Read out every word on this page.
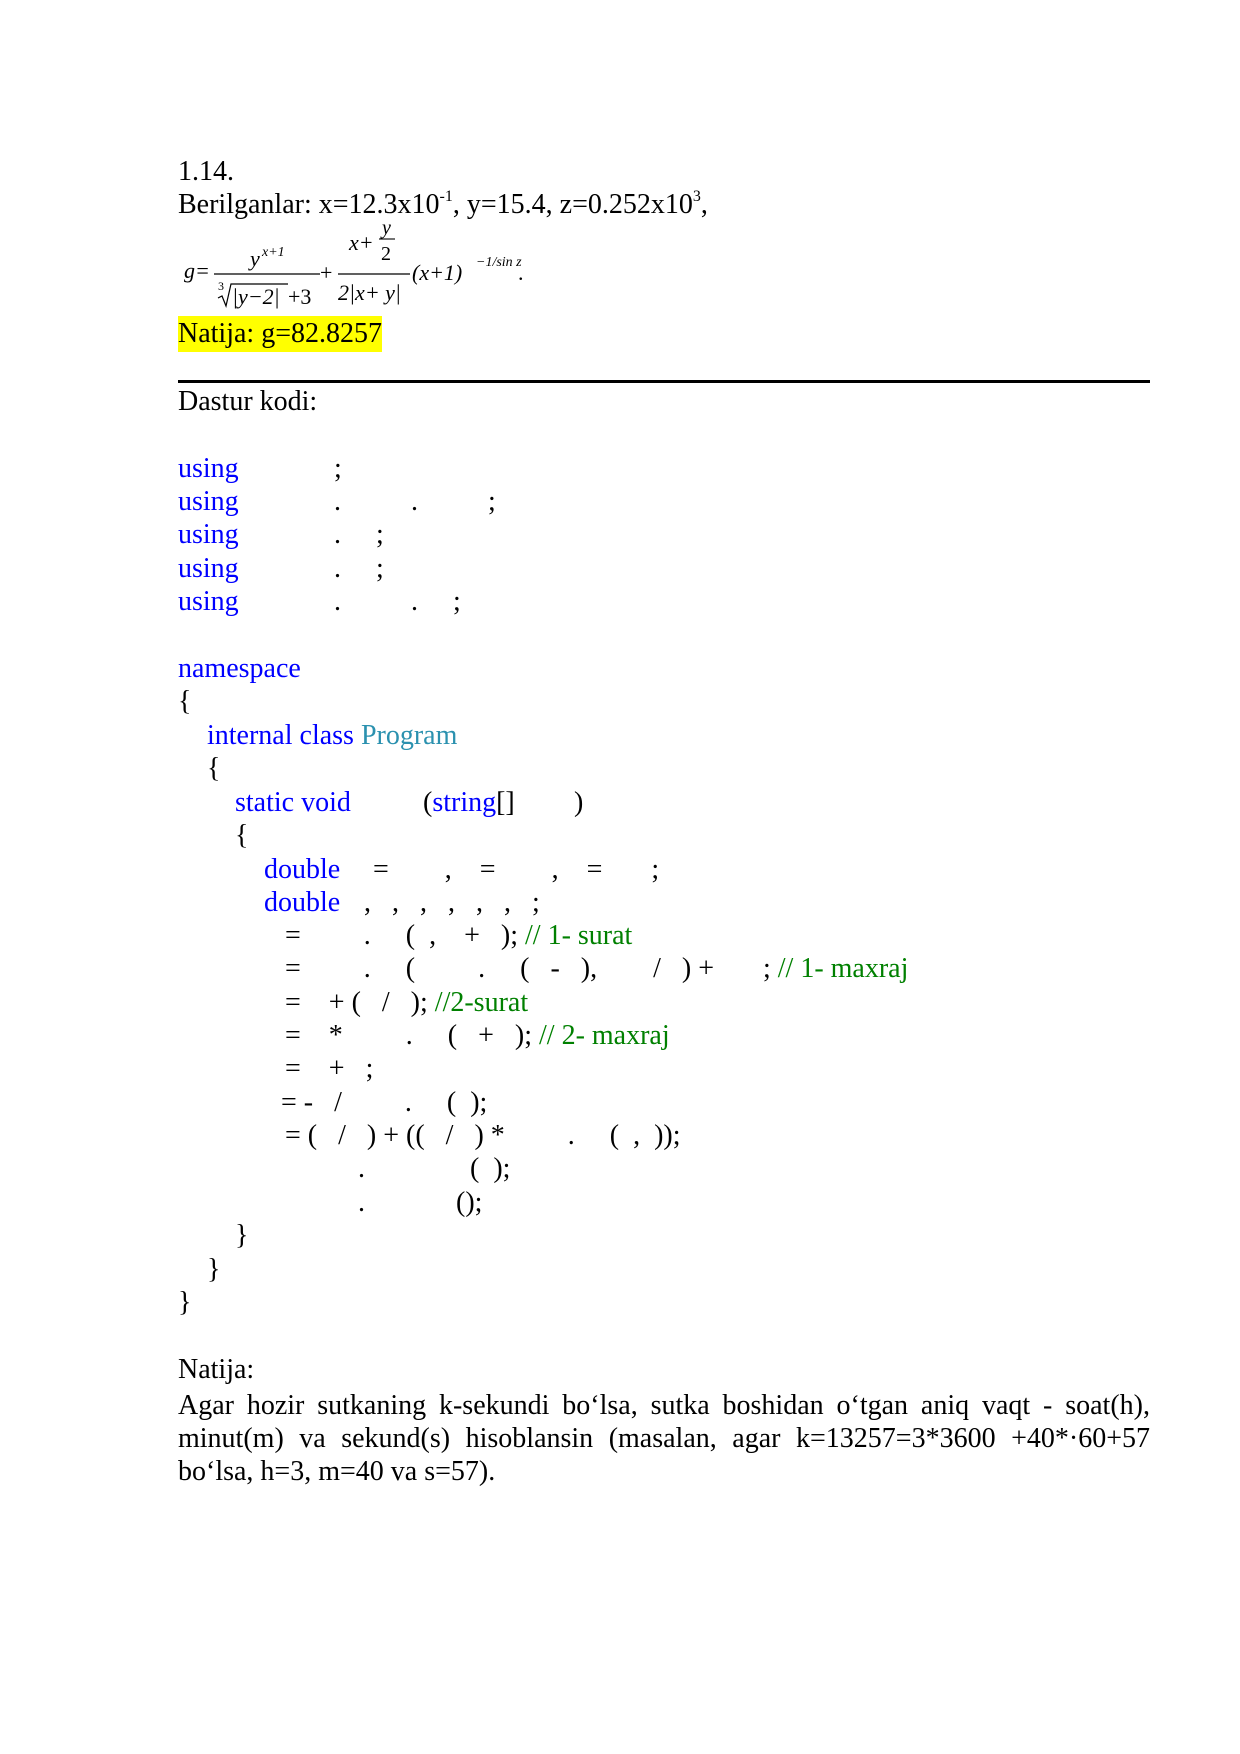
1.14.
Berilganlar: $x=12.3x10^{-1}$, y=15.4, $z=0.252x10^3$,
g= y x+1
3 |y−2| +3
+
x+
y
2
2|x+ y|
(x+1) −1/sin z
.
Natija: g=82.8257
Dastur kodi:
using	;
using	.          .          ;
using	.     ;
using	.     ;
using	.          .     ;
namespace
{
internal class Program
{
static void	(string[] )
{
double =        ,    =        ,    =       ;
double ,   ,   ,   ,   ,   ,   ;
=         .     (  ,    +   ); // 1- surat
=         .     (         .     (   -   ),        /   ) +       ; // 1- maxraj
=    + (   /   ); //2-surat
=    *         .     (   +   ); // 2- maxraj
=    +   ;
= -   /         .     (  );
= (   /   ) + ((   /   ) *         .     (  ,  ));
.               (  );
.             ();
}
}
}
Natija:
Agar hozir sutkaning k-sekundi bo‘lsa, sutka boshidan o‘tgan aniq vaqt - soat(h), minut(m) va sekund(s) hisoblansin (masalan, agar k=13257=3*3600 +40*·60+57 bo‘lsa, h=3, m=40 va s=57).
